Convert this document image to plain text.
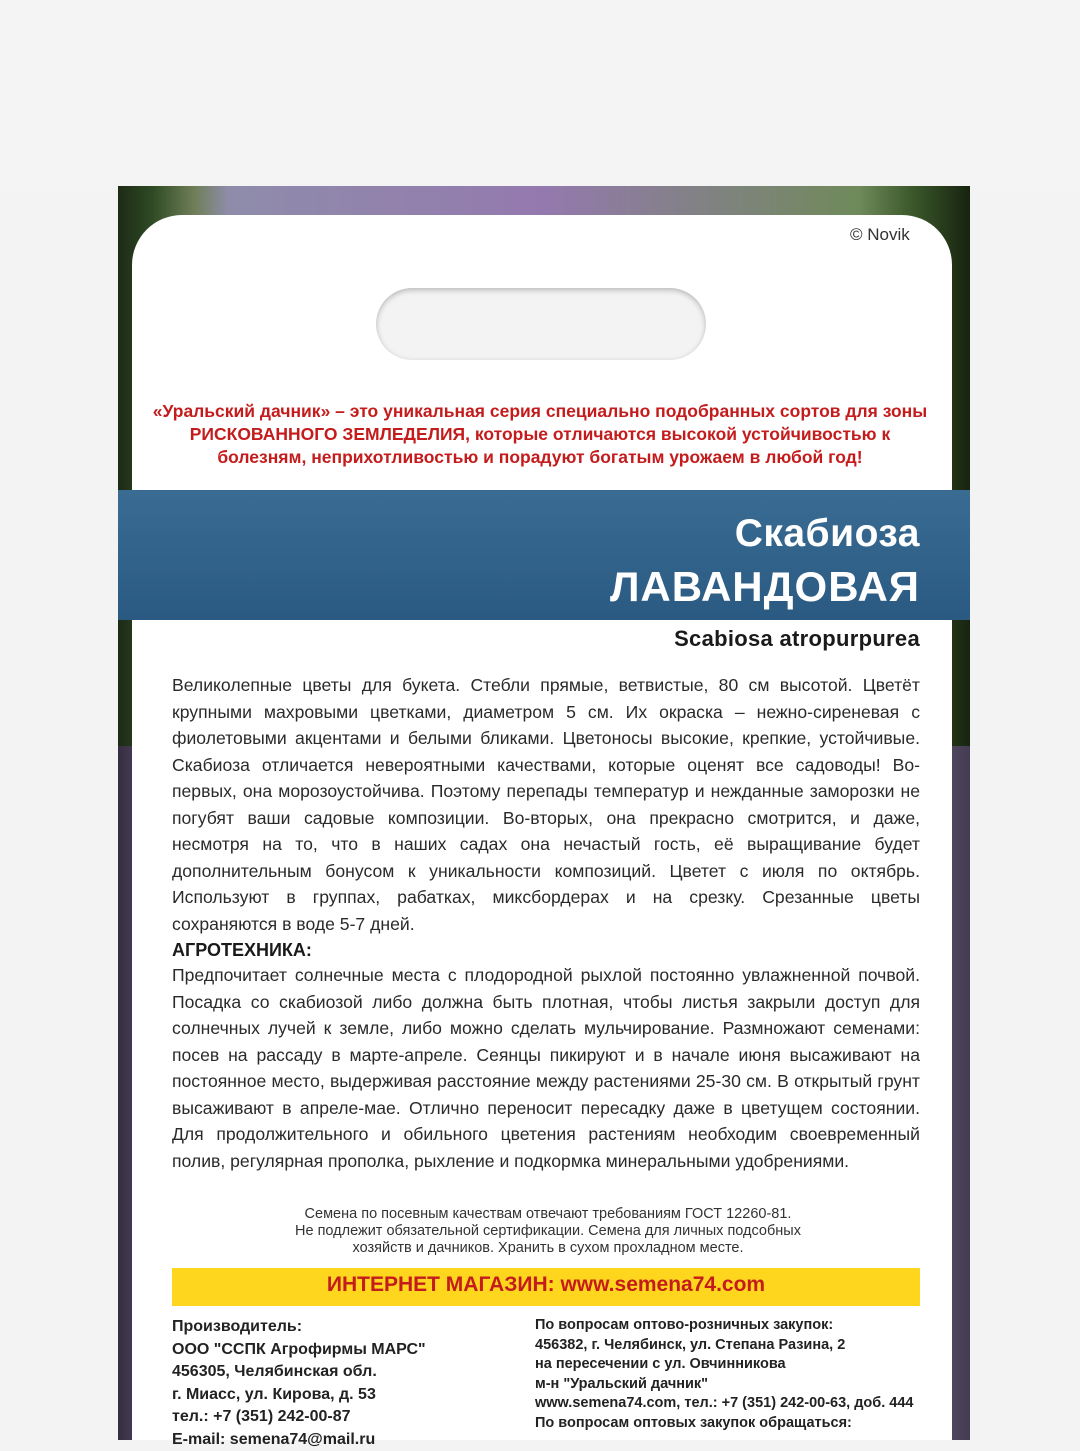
© Novik
«Уральский дачник» – это уникальная серия специально подобранных сортов для зоны РИСКОВАННОГО ЗЕМЛЕДЕЛИЯ, которые отличаются высокой устойчивостью к болезням, неприхотливостью и порадуют богатым урожаем в любой год!
Скабиоза
ЛАВАНДОВАЯ
Scabiosa atropurpurea
Великолепные цветы для букета. Стебли прямые, ветвистые, 80 см высотой. Цветёт крупными махровыми цветками, диаметром 5 см. Их окраска – нежно-сиреневая с фиолетовыми акцентами и белыми бликами. Цветоносы высокие, крепкие, устойчивые. Скабиоза отличается невероятными качествами, которые оценят все садоводы! Во-первых, она морозоустойчива. Поэтому перепады температур и нежданные заморозки не погубят ваши садовые композиции. Во-вторых, она прекрасно смотрится, и даже, несмотря на то, что в наших садах она нечастый гость, её выращивание будет дополнительным бонусом к уникальности композиций. Цветет с июля по октябрь. Используют в группах, рабатках, миксбордерах и на срезку. Срезанные цветы сохраняются в воде 5-7 дней.
АГРОТЕХНИКА:
Предпочитает солнечные места с плодородной рыхлой постоянно увлажненной почвой. Посадка со скабиозой либо должна быть плотная, чтобы листья закрыли доступ для солнечных лучей к земле, либо можно сделать мульчирование. Размножают семенами: посев на рассаду в марте-апреле. Сеянцы пикируют и в начале июня высаживают на постоянное место, выдерживая расстояние между растениями 25-30 см. В открытый грунт высаживают в апреле-мае. Отлично переносит пересадку даже в цветущем состоянии. Для продолжительного и обильного цветения растениям необходим своевременный полив, регулярная прополка, рыхление и подкормка минеральными удобрениями.
Семена по посевным качествам отвечают требованиям ГОСТ 12260-81.
Не подлежит обязательной сертификации. Семена для личных подсобных
хозяйств и дачников. Хранить в сухом прохладном месте.
ИНТЕРНЕТ МАГАЗИН: www.semena74.com
Производитель:
ООО "ССПК Агрофирмы МАРС"
456305, Челябинская обл.
г. Миасс, ул. Кирова, д. 53
тел.: +7 (351) 242-00-87
E-mail: semena74@mail.ru
По вопросам оптово-розничных закупок:
456382, г. Челябинск, ул. Степана Разина, 2
на пересечении с ул. Овчинникова
м-н "Уральский дачник"
www.semena74.com, тел.: +7 (351) 242-00-63, доб. 444
По вопросам оптовых закупок обращаться:
